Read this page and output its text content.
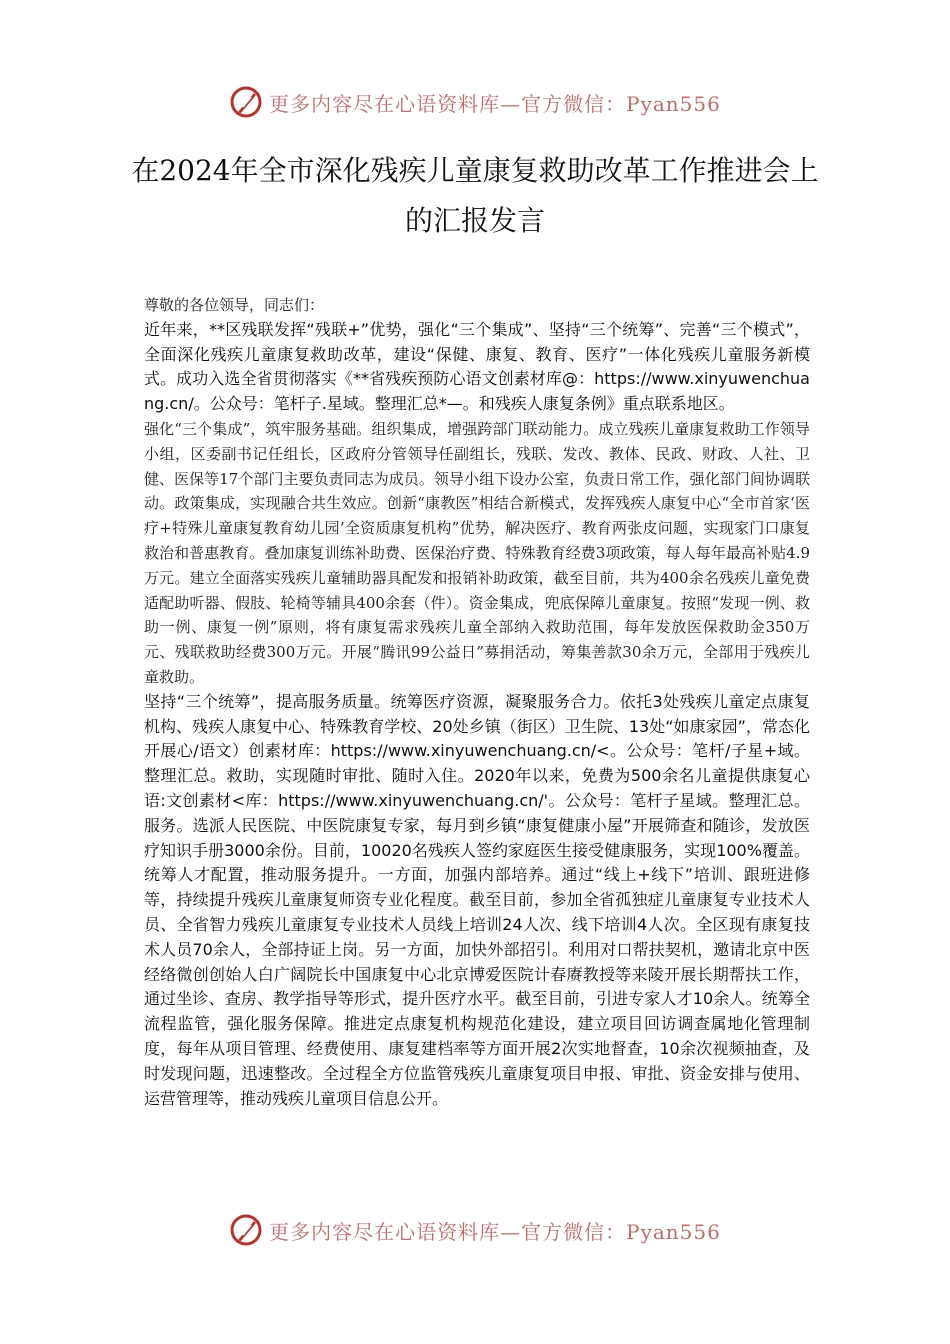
更多内容尽在心语资料库—官方微信：Pyan556
在2024年全市深化残疾儿童康复救助改革工作推进会上的汇报发言

尊敬的各位领导，同志们：

近年来，**区残联发挥“残联+”优势，强化“三个集成”、坚持“三个统筹”、完善“三个模式”，全面深化残疾儿童康复救助改革，建设“保健、康复、教育、医疗”一体化残疾儿童服务新模式。成功入选全省贯彻落实《**省残疾预防心语文创素材库@：https://www.xinyuwenchuang.cn/。公众号：笔杆子.星域。整理汇总*—。和残疾人康复条例》重点联系地区。

强化“三个集成”，筑牢服务基础。组织集成，增强跨部门联动能力。成立残疾儿童康复救助工作领导小组，区委副书记任组长，区政府分管领导任副组长，残联、发改、教体、民政、财政、人社、卫健、医保等17个部门主要负责同志为成员。领导小组下设办公室，负责日常工作，强化部门间协调联动。政策集成，实现融合共生效应。创新“康教医”相结合新模式，发挥残疾人康复中心“全市首家‘医疗+特殊儿童康复教育幼儿园’全资质康复机构”优势，解决医疗、教育两张皮问题，实现家门口康复救治和普惠教育。叠加康复训练补助费、医保治疗费、特殊教育经费3项政策，每人每年最高补贴4.9万元。建立全面落实残疾儿童辅助器具配发和报销补助政策，截至目前，共为400余名残疾儿童免费适配助听器、假肢、轮椅等辅具400余套（件）。资金集成，兜底保障儿童康复。按照“发现一例、救助一例、康复一例”原则，将有康复需求残疾儿童全部纳入救助范围，每年发放医保救助金350万元、残联救助经费300万元。开展“腾讯99公益日”募捐活动，筹集善款30余万元，全部用于残疾儿童救助。

坚持“三个统筹”，提高服务质量。统筹医疗资源，凝聚服务合力。依托3处残疾儿童定点康复机构、残疾人康复中心、特殊教育学校、20处乡镇（街区）卫生院、13处“如康家园”，常态化开展心/语文）创素材库：https://www.xinyuwenchuang.cn/<。公众号：笔杆/子星+域。整理汇总。救助，实现随时审批、随时入住。2020年以来，免费为500余名儿童提供康复心语:文创素材<库：https://www.xinyuwenchuang.cn/'。公众号：笔杆子星域。整理汇总。服务。选派人民医院、中医院康复专家，每月到乡镇“康复健康小屋”开展筛查和随诊，发放医疗知识手册3000余份。目前，10020名残疾人签约家庭医生接受健康服务，实现100%覆盖。统筹人才配置，推动服务提升。一方面，加强内部培养。通过“线上+线下”培训、跟班进修等，持续提升残疾儿童康复师资专业化程度。截至目前，参加全省孤独症儿童康复专业技术人员、全省智力残疾儿童康复专业技术人员线上培训24人次、线下培训4人次。全区现有康复技术人员70余人，全部持证上岗。另一方面，加快外部招引。利用对口帮扶契机，邀请北京中医经络微创创始人白广阔院长中国康复中心北京博爱医院计春赓教授等来陵开展长期帮扶工作，通过坐诊、查房、教学指导等形式，提升医疗水平。截至目前，引进专家人才10余人。统筹全流程监管，强化服务保障。推进定点康复机构规范化建设，建立项目回访调查属地化管理制度，每年从项目管理、经费使用、康复建档率等方面开展2次实地督查，10余次视频抽查，及时发现问题，迅速整改。全过程全方位监管残疾儿童康复项目申报、审批、资金安排与使用、运营管理等，推动残疾儿童项目信息公开。

更多内容尽在心语资料库—官方微信：Pyan556
